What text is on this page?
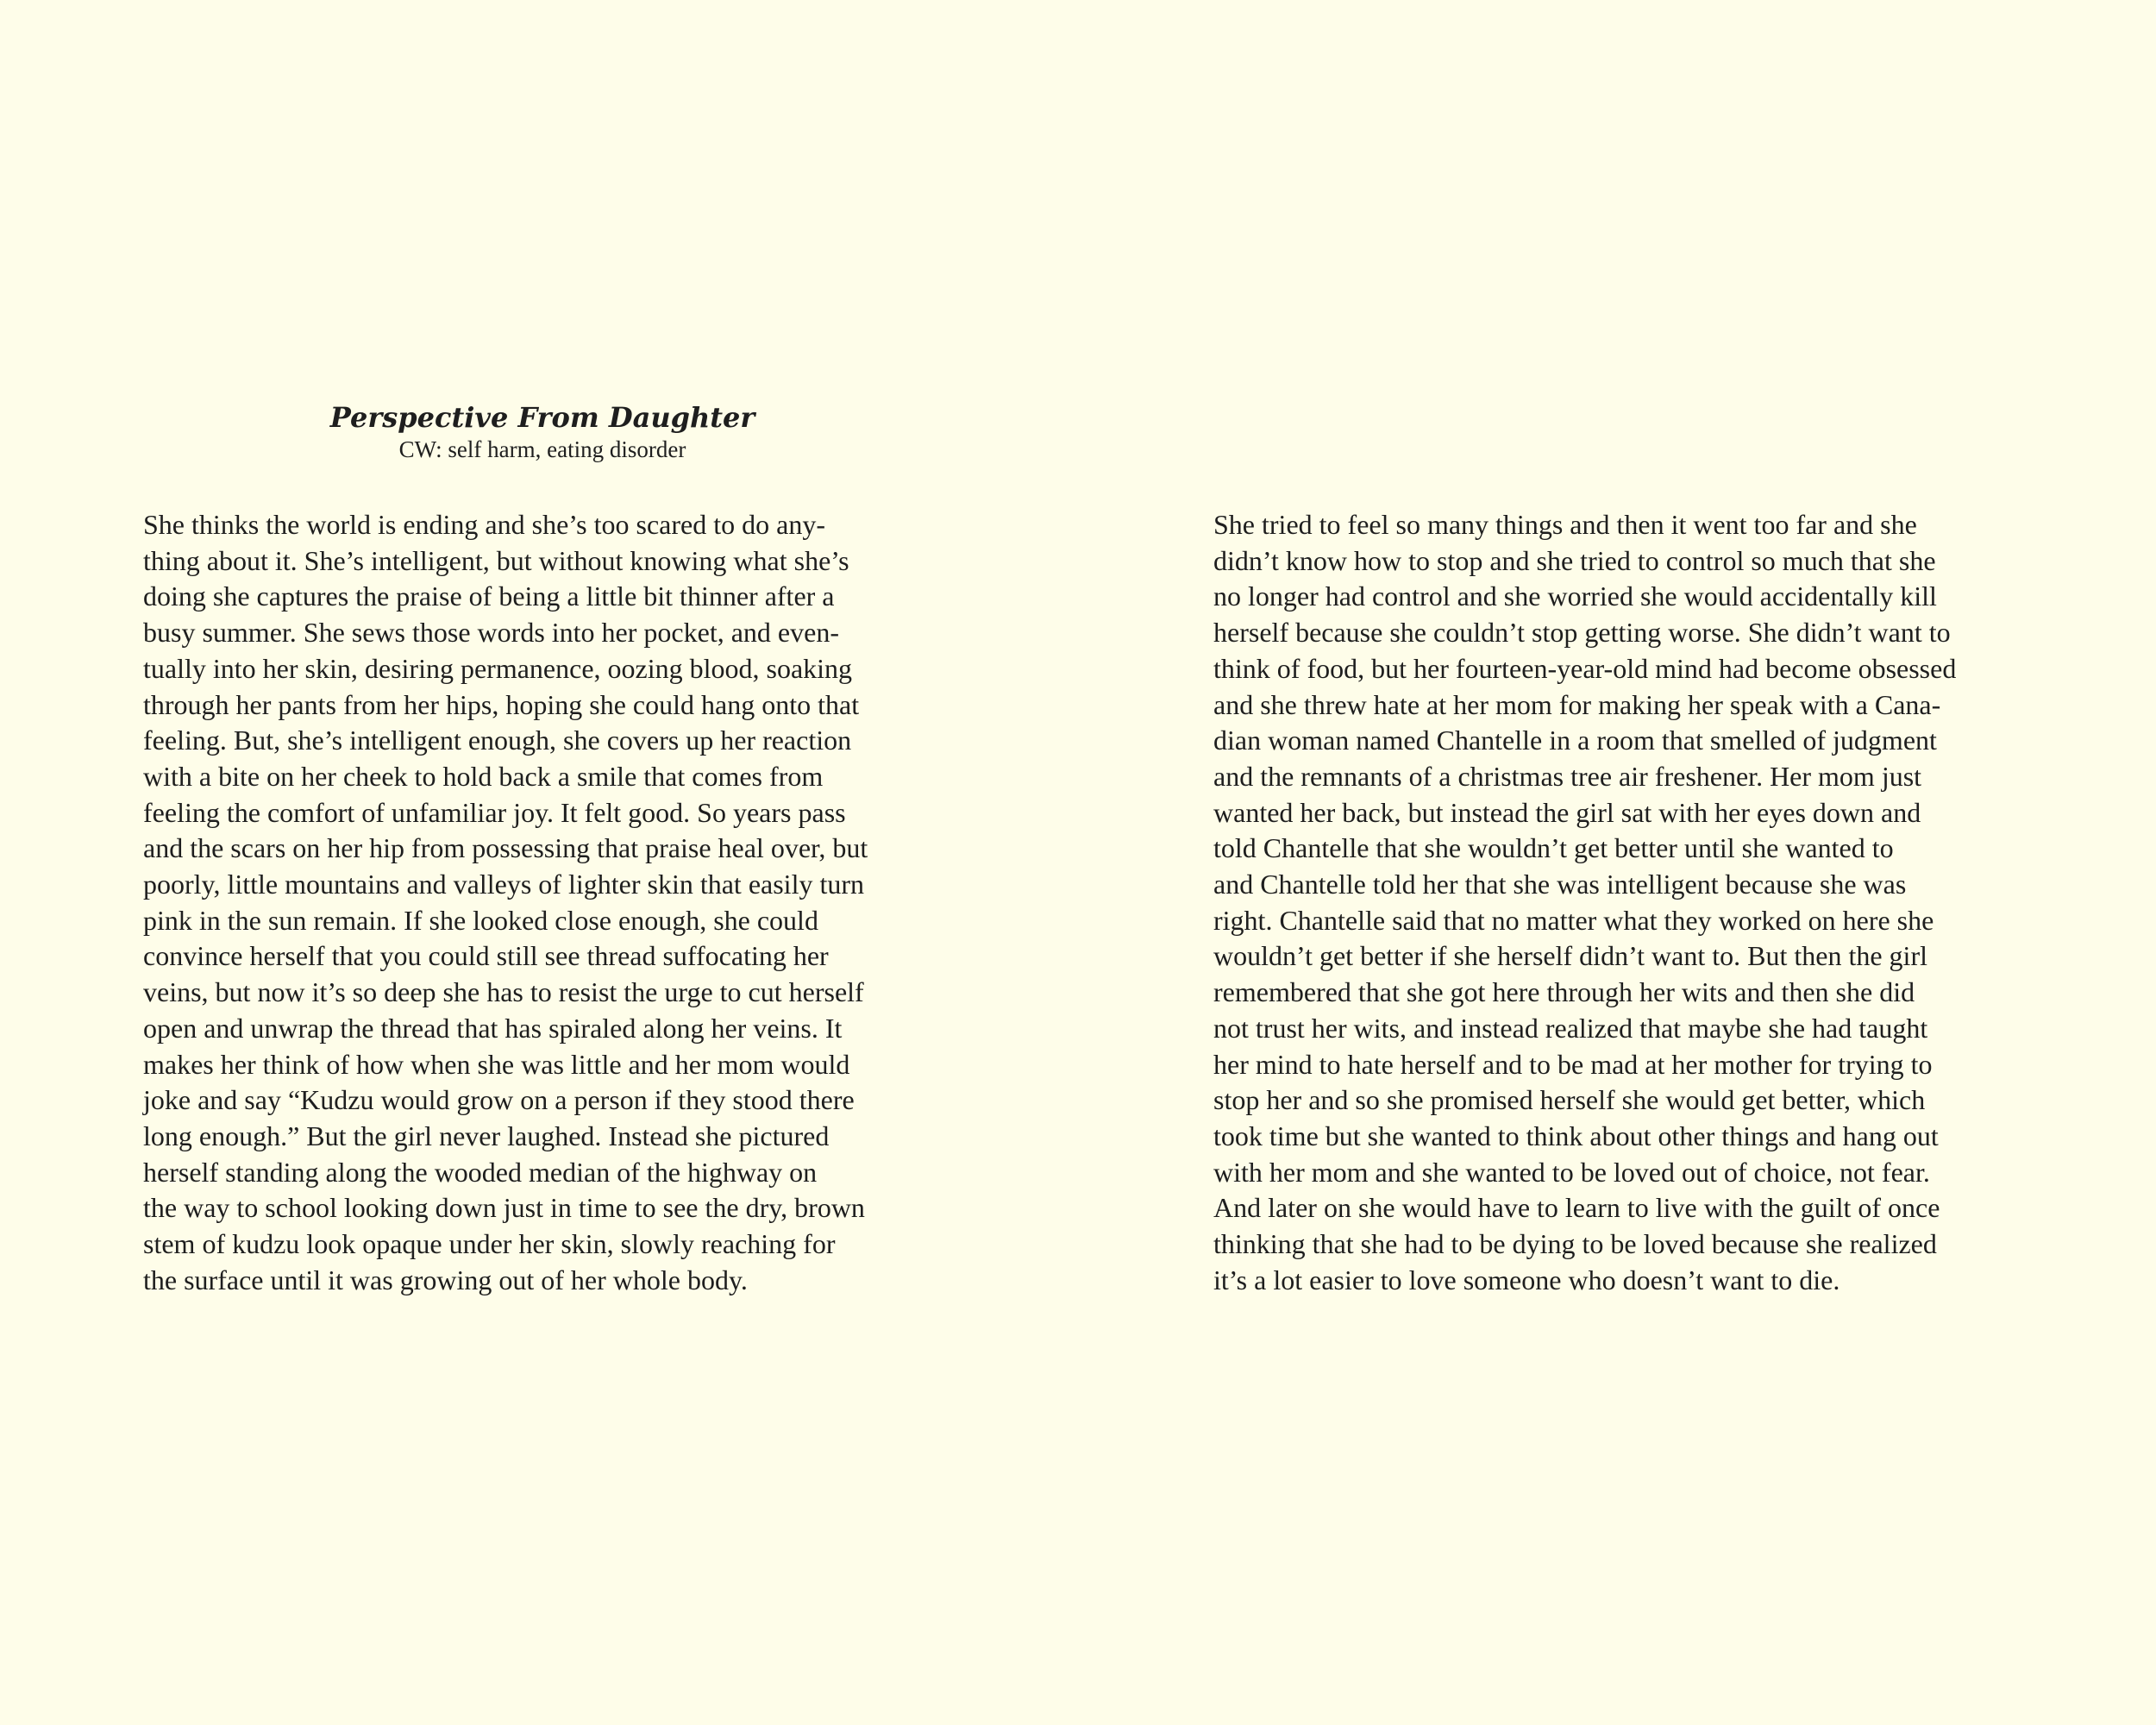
Perspective From Daughter

CW: self harm, eating disorder

She thinks the world is ending and she’s too scared to do any-
thing about it. She’s intelligent, but without knowing what she’s
doing she captures the praise of being a little bit thinner after a
busy summer. She sews those words into her pocket, and even-
tually into her skin, desiring permanence, oozing blood, soaking
through her pants from her hips, hoping she could hang onto that
feeling. But, she’s intelligent enough, she covers up her reaction
with a bite on her cheek to hold back a smile that comes from
feeling the comfort of unfamiliar joy. It felt good. So years pass
and the scars on her hip from possessing that praise heal over, but
poorly, little mountains and valleys of lighter skin that easily turn
pink in the sun remain. If she looked close enough, she could
convince herself that you could still see thread suffocating her
veins, but now it’s so deep she has to resist the urge to cut herself
open and unwrap the thread that has spiraled along her veins. It
makes her think of how when she was little and her mom would
joke and say “Kudzu would grow on a person if they stood there
long enough.” But the girl never laughed. Instead she pictured
herself standing along the wooded median of the highway on
the way to school looking down just in time to see the dry, brown
stem of kudzu look opaque under her skin, slowly reaching for
the surface until it was growing out of her whole body.

She tried to feel so many things and then it went too far and she
didn’t know how to stop and she tried to control so much that she
no longer had control and she worried she would accidentally kill
herself because she couldn’t stop getting worse. She didn’t want to
think of food, but her fourteen-year-old mind had become obsessed
and she threw hate at her mom for making her speak with a Cana-
dian woman named Chantelle in a room that smelled of judgment
and the remnants of a christmas tree air freshener. Her mom just
wanted her back, but instead the girl sat with her eyes down and
told Chantelle that she wouldn’t get better until she wanted to
and Chantelle told her that she was intelligent because she was
right. Chantelle said that no matter what they worked on here she
wouldn’t get better if she herself didn’t want to. But then the girl
remembered that she got here through her wits and then she did
not trust her wits, and instead realized that maybe she had taught
her mind to hate herself and to be mad at her mother for trying to
stop her and so she promised herself she would get better, which
took time but she wanted to think about other things and hang out
with her mom and she wanted to be loved out of choice, not fear.
And later on she would have to learn to live with the guilt of once
thinking that she had to be dying to be loved because she realized
it’s a lot easier to love someone who doesn’t want to die.
